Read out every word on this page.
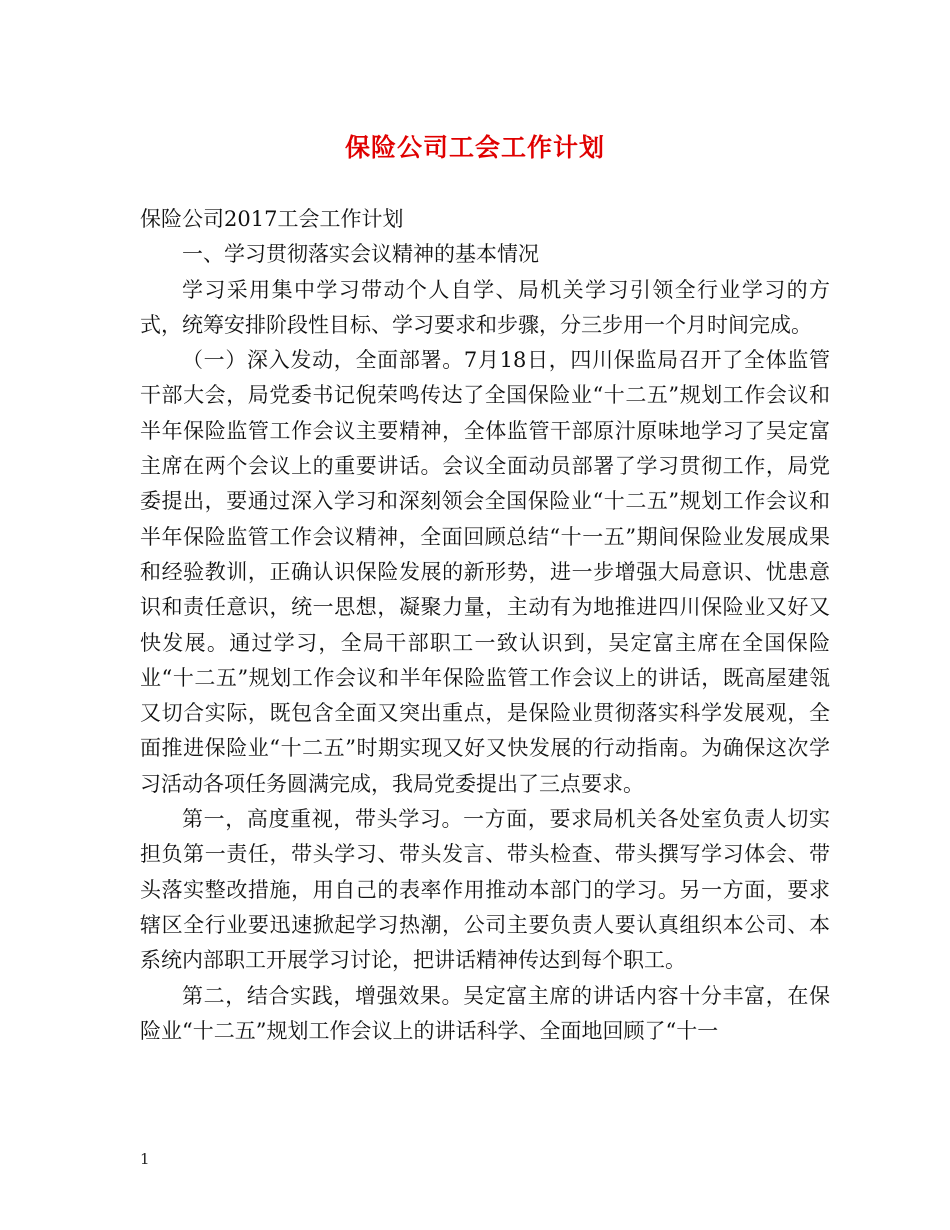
保险公司工会工作计划

保险公司2017工会工作计划

一、学习贯彻落实会议精神的基本情况

学习采用集中学习带动个人自学、局机关学习引领全行业学习的方式，统筹安排阶段性目标、学习要求和步骤，分三步用一个月时间完成。

（一）深入发动，全面部署。7月18日，四川保监局召开了全体监管干部大会，局党委书记倪荣鸣传达了全国保险业“十二五”规划工作会议和半年保险监管工作会议主要精神，全体监管干部原汁原味地学习了吴定富主席在两个会议上的重要讲话。会议全面动员部署了学习贯彻工作，局党委提出，要通过深入学习和深刻领会全国保险业“十二五”规划工作会议和半年保险监管工作会议精神，全面回顾总结“十一五”期间保险业发展成果和经验教训，正确认识保险发展的新形势，进一步增强大局意识、忧患意识和责任意识，统一思想，凝聚力量，主动有为地推进四川保险业又好又快发展。通过学习，全局干部职工一致认识到，吴定富主席在全国保险业“十二五”规划工作会议和半年保险监管工作会议上的讲话，既高屋建瓴又切合实际，既包含全面又突出重点，是保险业贯彻落实科学发展观，全面推进保险业“十二五”时期实现又好又快发展的行动指南。为确保这次学习活动各项任务圆满完成，我局党委提出了三点要求。

第一，高度重视，带头学习。一方面，要求局机关各处室负责人切实担负第一责任，带头学习、带头发言、带头检查、带头撰写学习体会、带头落实整改措施，用自己的表率作用推动本部门的学习。另一方面，要求辖区全行业要迅速掀起学习热潮，公司主要负责人要认真组织本公司、本系统内部职工开展学习讨论，把讲话精神传达到每个职工。

第二，结合实践，增强效果。吴定富主席的讲话内容十分丰富，在保险业“十二五”规划工作会议上的讲话科学、全面地回顾了“十一

1
